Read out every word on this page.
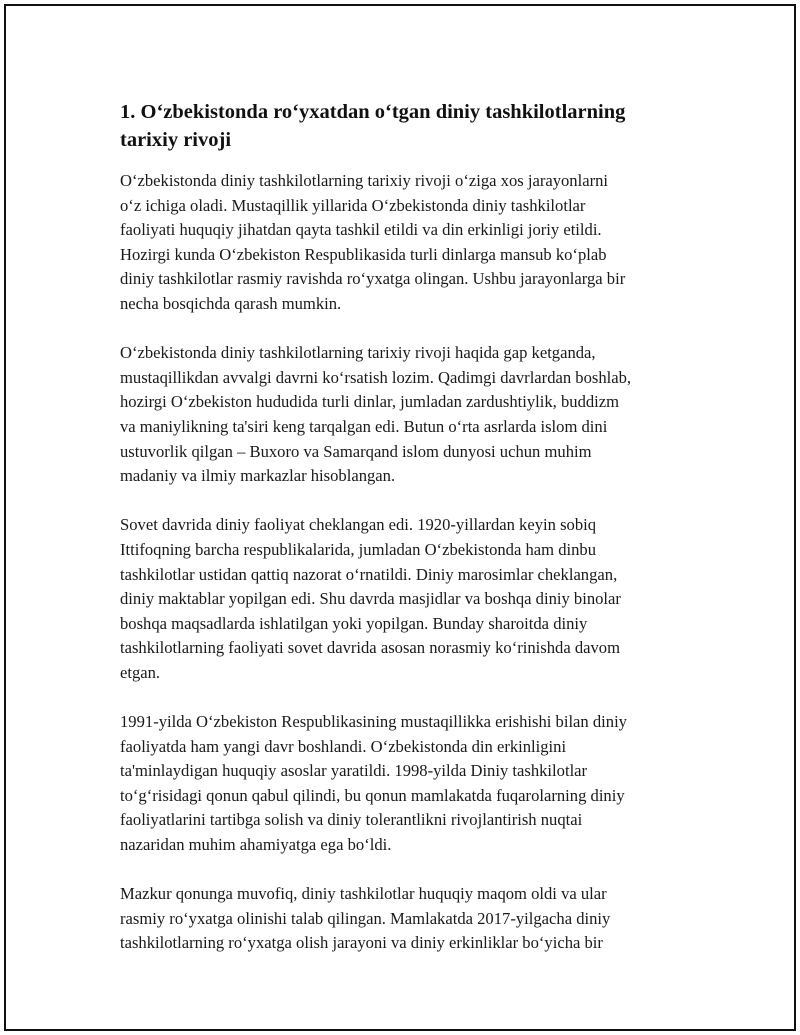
1. O‘zbekistonda ro‘yxatdan o‘tgan diniy tashkilotlarning
tarixiy rivoji

O‘zbekistonda diniy tashkilotlarning tarixiy rivoji o‘ziga xos jarayonlarni
o‘z ichiga oladi. Mustaqillik yillarida O‘zbekistonda diniy tashkilotlar
faoliyati huquqiy jihatdan qayta tashkil etildi va din erkinligi joriy etildi.
Hozirgi kunda O‘zbekiston Respublikasida turli dinlarga mansub ko‘plab
diniy tashkilotlar rasmiy ravishda ro‘yxatga olingan. Ushbu jarayonlarga bir
necha bosqichda qarash mumkin.

O‘zbekistonda diniy tashkilotlarning tarixiy rivoji haqida gap ketganda,
mustaqillikdan avvalgi davrni ko‘rsatish lozim. Qadimgi davrlardan boshlab,
hozirgi O‘zbekiston hududida turli dinlar, jumladan zardushtiylik, buddizm
va maniylikning ta'siri keng tarqalgan edi. Butun o‘rta asrlarda islom dini
ustuvorlik qilgan – Buxoro va Samarqand islom dunyosi uchun muhim
madaniy va ilmiy markazlar hisoblangan.

Sovet davrida diniy faoliyat cheklangan edi. 1920-yillardan keyin sobiq
Ittifoqning barcha respublikalarida, jumladan O‘zbekistonda ham dinbu
tashkilotlar ustidan qattiq nazorat o‘rnatildi. Diniy marosimlar cheklangan,
diniy maktablar yopilgan edi. Shu davrda masjidlar va boshqa diniy binolar
boshqa maqsadlarda ishlatilgan yoki yopilgan. Bunday sharoitda diniy
tashkilotlarning faoliyati sovet davrida asosan norasmiy ko‘rinishda davom
etgan.

1991-yilda O‘zbekiston Respublikasining mustaqillikka erishishi bilan diniy
faoliyatda ham yangi davr boshlandi. O‘zbekistonda din erkinligini
ta'minlaydigan huquqiy asoslar yaratildi. 1998-yilda Diniy tashkilotlar
to‘g‘risidagi qonun qabul qilindi, bu qonun mamlakatda fuqarolarning diniy
faoliyatlarini tartibga solish va diniy tolerantlikni rivojlantirish nuqtai
nazaridan muhim ahamiyatga ega bo‘ldi.

Mazkur qonunga muvofiq, diniy tashkilotlar huquqiy maqom oldi va ular
rasmiy ro‘yxatga olinishi talab qilingan. Mamlakatda 2017-yilgacha diniy
tashkilotlarning ro‘yxatga olish jarayoni va diniy erkinliklar bo‘yicha bir
